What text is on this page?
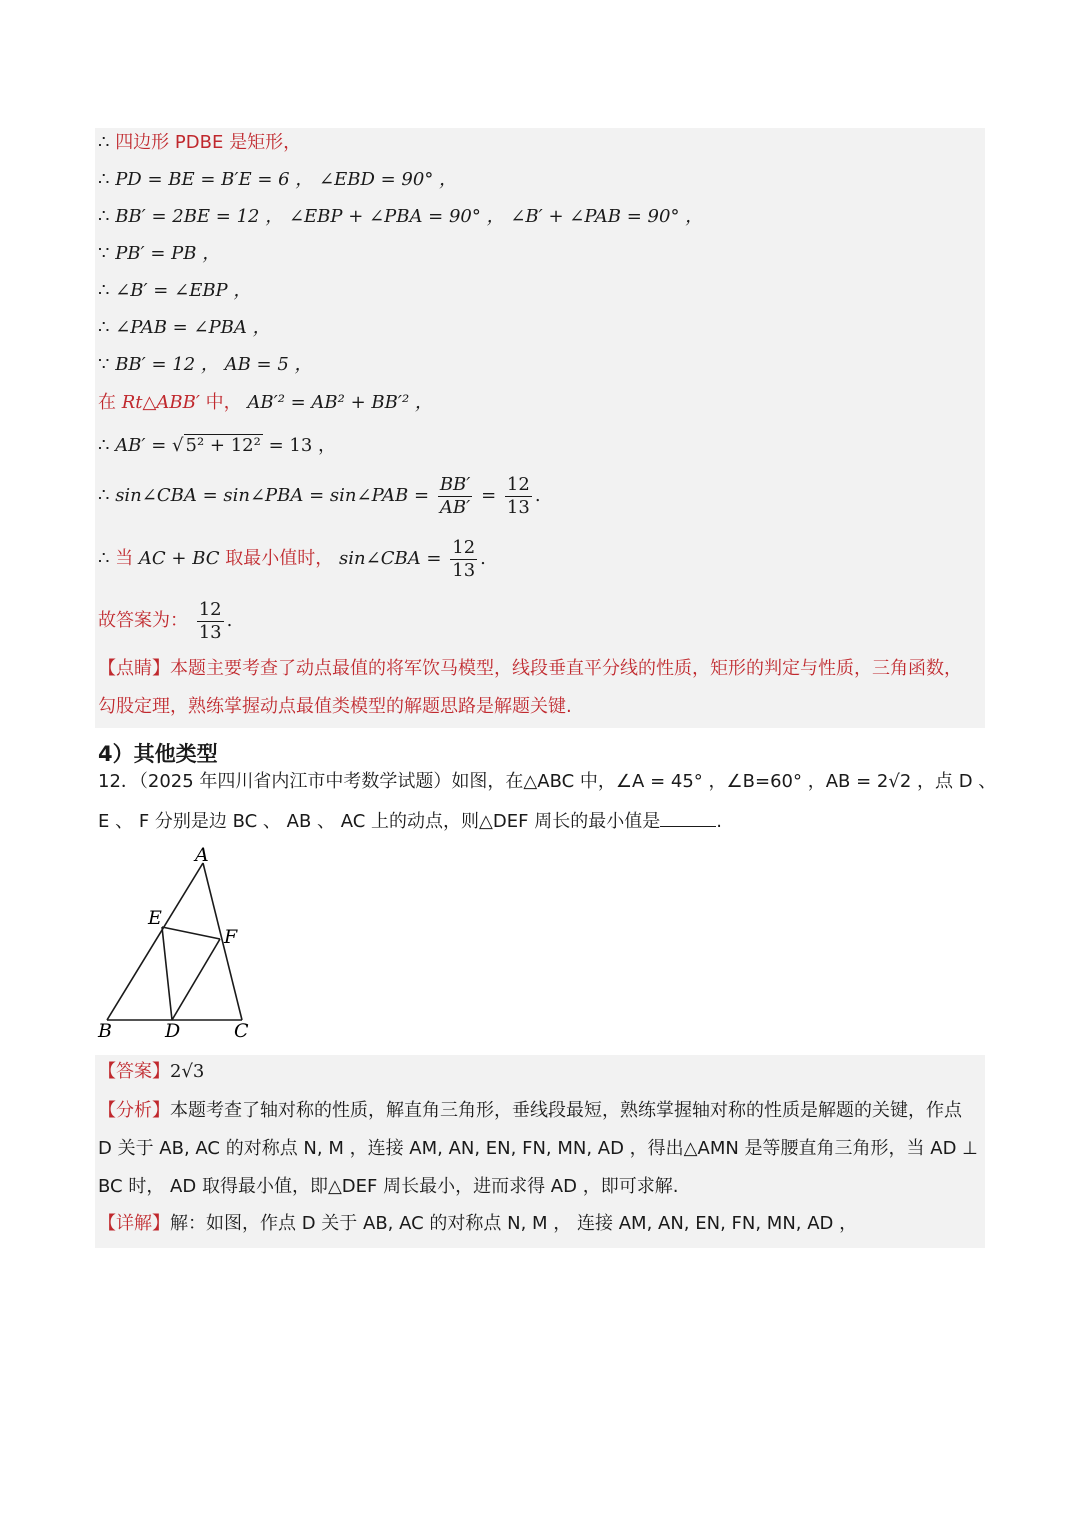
∴ 四边形 PDBE 是矩形，
∴ PD = BE = B′E = 6 ， ∠EBD = 90° ，
∴ BB′ = 2BE = 12 ， ∠EBP + ∠PBA = 90° ， ∠B′ + ∠PAB = 90° ，
∵ PB′ = PB ，
∴ ∠B′ = ∠EBP ，
∴ ∠PAB = ∠PBA ，
∵ BB′ = 12 ， AB = 5 ，
在 Rt△ABB′ 中， AB′² = AB² + BB′² ，
∴ AB′ = √ 5² + 12² = 13 ，
∴ sin∠CBA = sin∠PBA = sin∠PAB = $\frac{BB'}{AB'} = \frac{12}{13}$ .
∴ 当 AC + BC 取最小值时， sin∠CBA = $\frac{12}{13}$ .
故答案为： $\frac{12}{13}$ .
【点睛】本题主要考查了动点最值的将军饮马模型，线段垂直平分线的性质，矩形的判定与性质，三角函数，勾股定理，熟练掌握动点最值类模型的解题思路是解题关键.
4）其他类型
12．（2025 年四川省内江市中考数学试题）如图，在△ABC 中，∠A = 45° ，∠B=60° ，AB = 2√2 ，点 D 、
E 、 F 分别是边 BC 、 AB 、 AC 上的动点，则△DEF 周长的最小值是	.
A
B	C
D
E
F
【答案】2√3
【分析】本题考查了轴对称的性质，解直角三角形，垂线段最短，熟练掌握轴对称的性质是解题的关键，作点 D 关于 AB, AC 的对称点 N, M ，连接 AM, AN, EN, FN, MN, AD ，得出△AMN 是等腰直角三角形，当 AD ⊥ BC 时， AD 取得最小值，即△DEF 周长最小，进而求得 AD ，即可求解.
【详解】解：如图，作点 D 关于 AB, AC 的对称点 N, M ， 连接 AM, AN, EN, FN, MN, AD ，
